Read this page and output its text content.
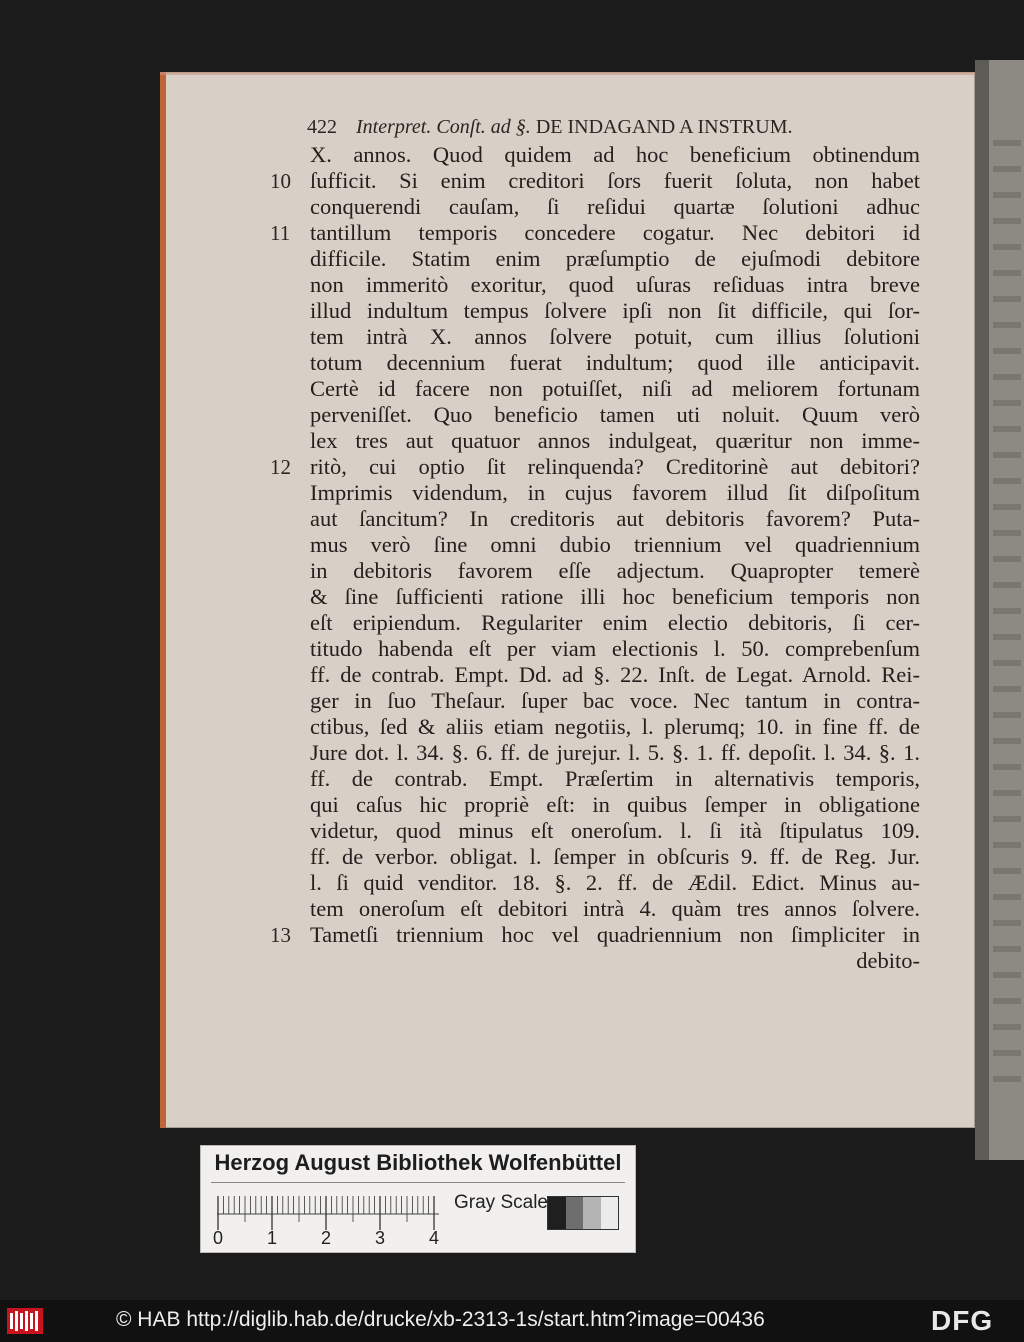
422 Interpret. Conſt. ad §. DE INDAGAND A INSTRUM.
X. annos. Quod quidem ad hoc beneficium obtinendum
10 ſufficit. Si enim creditori ſors fuerit ſoluta, non habet
conquerendi cauſam, ſi reſidui quartæ ſolutioni adhuc
11 tantillum temporis concedere cogatur. Nec debitori id
difficile. Statim enim præſumptio de ejuſmodi debitore
non immeritò exoritur, quod uſuras reſiduas intra breve
illud indultum tempus ſolvere ipſi non ſit difficile, qui ſor-
tem intrà X. annos ſolvere potuit, cum illius ſolutioni
totum decennium fuerat indultum; quod ille anticipavit.
Certè id facere non potuiſſet, niſi ad meliorem fortunam
perveniſſet. Quo beneficio tamen uti noluit. Quum verò
lex tres aut quatuor annos indulgeat, quæritur non imme-
12 ritò, cui optio ſit relinquenda? Creditorinè aut debitori?
Imprimis videndum, in cujus favorem illud ſit diſpoſitum
aut ſancitum? In creditoris aut debitoris favorem? Puta-
mus verò ſine omni dubio triennium vel quadriennium
in debitoris favorem eſſe adjectum. Quapropter temerè
& ſine ſufficienti ratione illi hoc beneficium temporis non
eſt eripiendum. Regulariter enim electio debitoris, ſi cer-
titudo habenda eſt per viam electionis l. 50. comprebenſum
ff. de contrab. Empt. Dd. ad §. 22. Inſt. de Legat. Arnold. Rei-
ger in ſuo Theſaur. ſuper bac voce. Nec tantum in contra-
ctibus, ſed & aliis etiam negotiis, l. plerumq; 10. in fine ff. de
Jure dot. l. 34. §. 6. ff. de jurejur. l. 5. §. 1. ff. depoſit. l. 34. §. 1.
ff. de contrab. Empt. Præſertim in alternativis temporis,
qui caſus hic propriè eſt: in quibus ſemper in obligatione
videtur, quod minus eſt oneroſum. l. ſi ità ſtipulatus 109.
ff. de verbor. obligat. l. ſemper in obſcuris 9. ff. de Reg. Jur.
l. ſi quid venditor. 18. §. 2. ff. de Ædil. Edict. Minus au-
tem oneroſum eſt debitori intrà 4. quàm tres annos ſolvere.
13 Tametſi triennium hoc vel quadriennium non ſimpliciter in
debito-
Herzog August Bibliothek Wolfenbüttel
0 1 2 3 4
Gray Scale
© HAB http://diglib.hab.de/drucke/xb-2313-1s/start.htm?image=00436	DFG
